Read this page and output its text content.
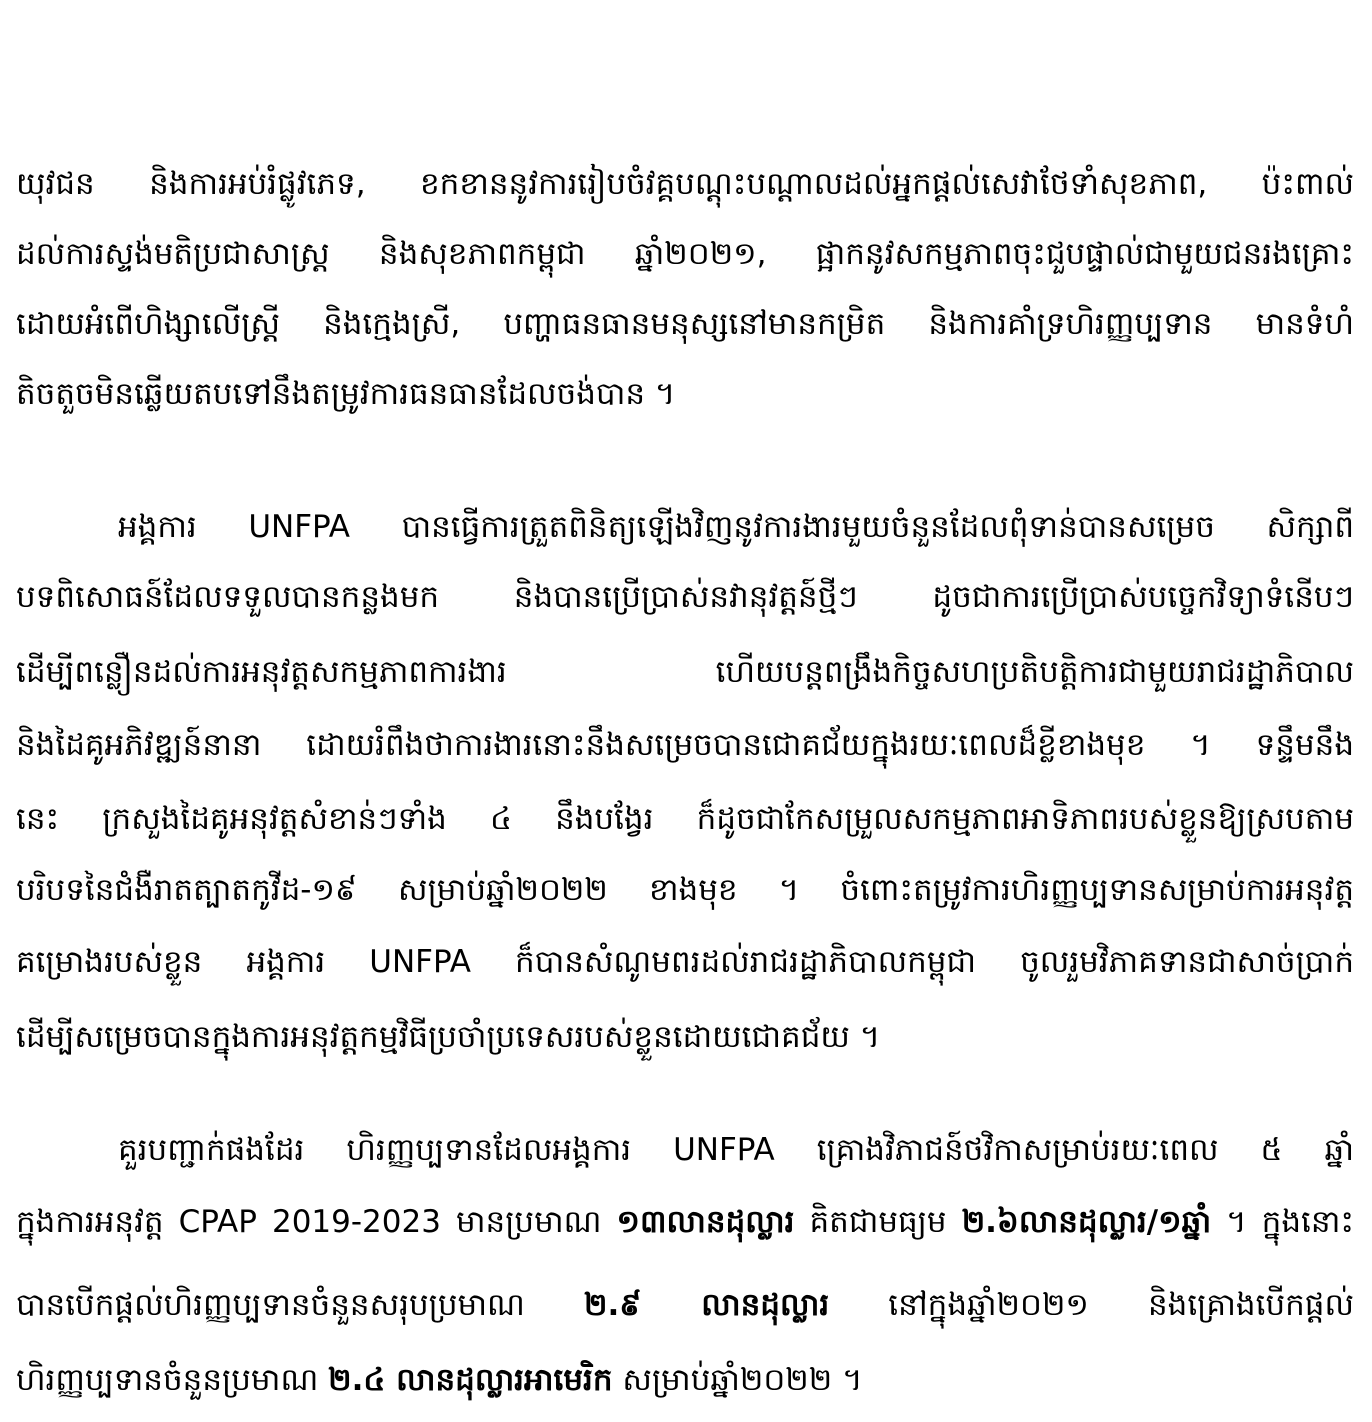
យុវជន និងការអប់រំផ្លូវភេទ, ខកខាននូវការរៀបចំវគ្គបណ្ដុះបណ្ដាលដល់អ្នកផ្ដល់សេវាថែទាំសុខភាព, ប៉ះពាល់
ដល់ការស្ទង់មតិប្រជាសាស្ត្រ និងសុខភាពកម្ពុជា ឆ្នាំ២០២១, ផ្អាកនូវសកម្មភាពចុះជួបផ្ទាល់ជាមួយជនរងគ្រោះ
ដោយអំពើហិង្សាលើស្ត្រី និងក្មេងស្រី, បញ្ហាធនធានមនុស្សនៅមានកម្រិត និងការគាំទ្រហិរញ្ញប្បទាន មានទំហំ
តិចតួចមិនឆ្លើយតបទៅនឹងតម្រូវការធនធានដែលចង់បាន ។
អង្គការ UNFPA បានធ្វើការត្រួតពិនិត្យឡើងវិញនូវការងារមួយចំនួនដែលពុំទាន់បានសម្រេច សិក្សាពី
បទពិសោធន៍ដែលទទួលបានកន្លងមក និងបានប្រើប្រាស់នវានុវត្តន៍ថ្មីៗ ដូចជាការប្រើប្រាស់បច្ចេកវិទ្យាទំនើបៗ
ដើម្បីពន្លឿនដល់ការអនុវត្តសកម្មភាពការងារ ហើយបន្តពង្រឹងកិច្ចសហប្រតិបត្តិការជាមួយរាជរដ្ឋាភិបាល
និងដៃគូអភិវឌ្ឍន៍នានា ដោយរំពឹងថាការងារនោះនឹងសម្រេចបានជោគជ័យក្នុងរយៈពេលដ៏ខ្លីខាងមុខ ។ ទន្ទឹមនឹង
នេះ ក្រសួងដៃគូអនុវត្តសំខាន់ៗទាំង ៤ នឹងបង្វែរ ក៏ដូចជាកែសម្រួលសកម្មភាពអាទិភាពរបស់ខ្លួនឱ្យស្របតាម
បរិបទនៃជំងឺរាតត្បាតកូវីដ-១៩ សម្រាប់ឆ្នាំ២០២២ ខាងមុខ ។ ចំពោះតម្រូវការហិរញ្ញប្បទានសម្រាប់ការអនុវត្ត
គម្រោងរបស់ខ្លួន អង្គការ UNFPA ក៏បានសំណូមពរដល់រាជរដ្ឋាភិបាលកម្ពុជា ចូលរួមវិភាគទានជាសាច់ប្រាក់
ដើម្បីសម្រេចបានក្នុងការអនុវត្តកម្មវិធីប្រចាំប្រទេសរបស់ខ្លួនដោយជោគជ័យ ។
គួរបញ្ជាក់ផងដែរ ហិរញ្ញប្បទានដែលអង្គការ UNFPA គ្រោងវិភាជន៍ថវិកាសម្រាប់រយៈពេល ៥ ឆ្នាំ
ក្នុងការអនុវត្ត CPAP 2019-2023 មានប្រមាណ ១៣លានដុល្លារ គិតជាមធ្យម ២.៦លានដុល្លារ/១ឆ្នាំ ។ ក្នុងនោះ
បានបើកផ្ដល់ហិរញ្ញប្បទានចំនួនសរុបប្រមាណ ២.៩ លានដុល្លារ នៅក្នុងឆ្នាំ២០២១ និងគ្រោងបើកផ្ដល់
ហិរញ្ញប្បទានចំនួនប្រមាណ ២.៤ លានដុល្លារអាមេរិក សម្រាប់ឆ្នាំ២០២២ ។
